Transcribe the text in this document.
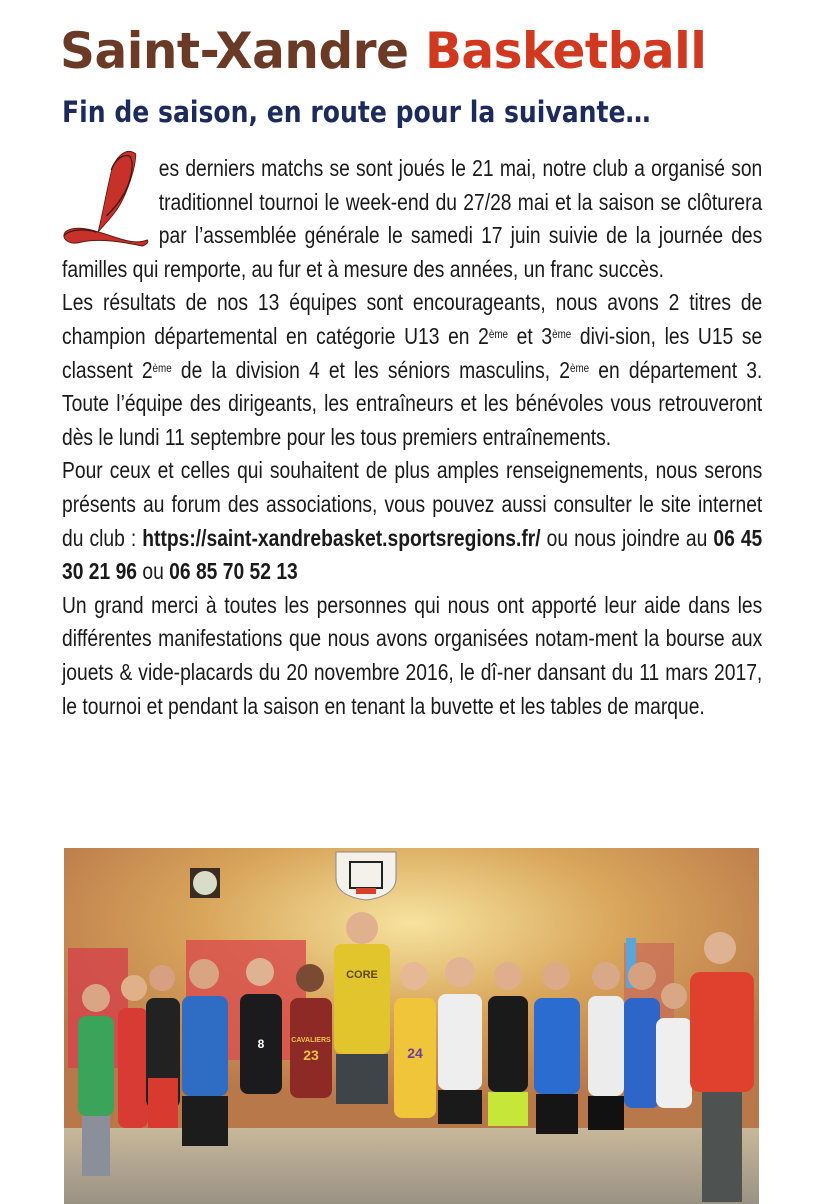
Saint-Xandre Basketball
Fin de saison, en route pour la suivante…

es derniers matchs se sont joués le 21 mai, notre club a organisé son traditionnel tournoi le week-end du 27/28 mai et la saison se clôturera par l’assemblée générale le samedi 17 juin suivie de la journée des familles qui remporte, au fur et à mesure des années, un franc succès.

Les résultats de nos 13 équipes sont encourageants, nous avons 2 titres de champion départemental en catégorie U13 en 2ème et 3ème divi-sion, les U15 se classent 2ème de la division 4 et les séniors masculins, 2ème en département 3. Toute l’équipe des dirigeants, les entraîneurs et les bénévoles vous retrouveront dès le lundi 11 septembre pour les tous premiers entraînements.

Pour ceux et celles qui souhaitent de plus amples renseignements, nous serons présents au forum des associations, vous pouvez aussi consulter le site internet du club : https://saint-xandrebasket.sportsregions.fr/ ou nous joindre au 06 45 30 21 96 ou 06 85 70 52 13

Un grand merci à toutes les personnes qui nous ont apporté leur aide dans les différentes manifestations que nous avons organisées notam-ment la bourse aux jouets & vide-placards du 20 novembre 2016, le dî-ner dansant du 11 mars 2017, le tournoi et pendant la saison en tenant la buvette et les tables de marque.

8
23	24
CAVALIERS
CORE
